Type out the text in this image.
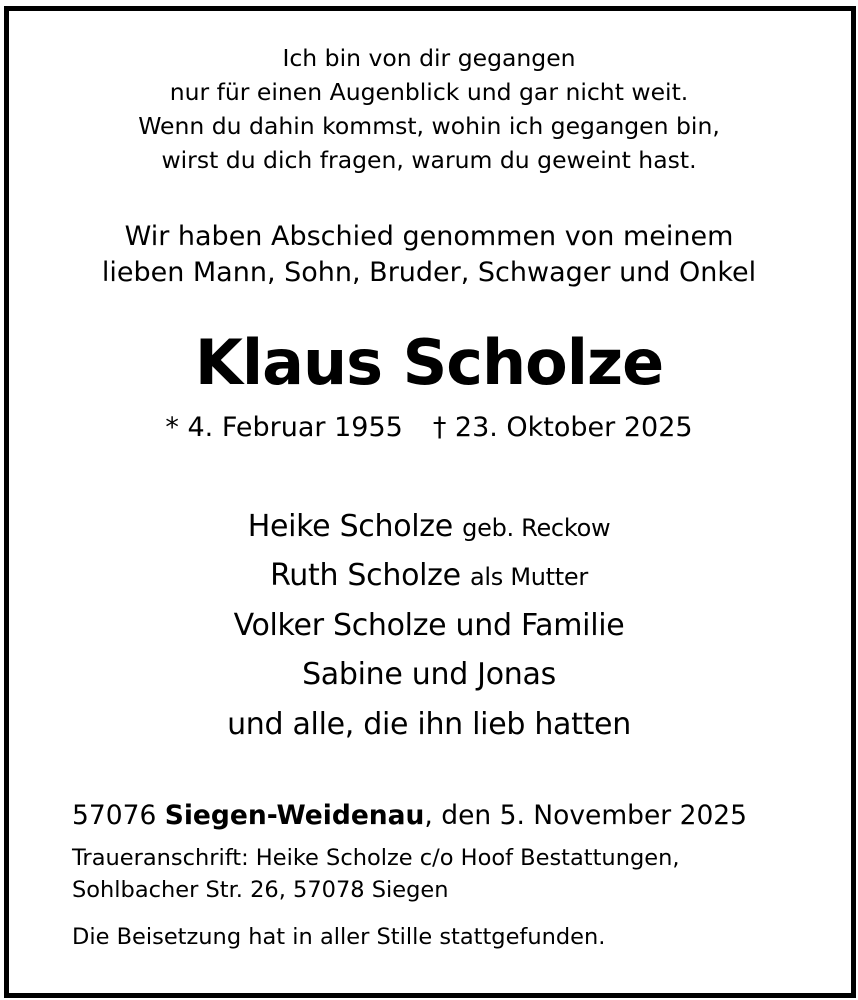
Ich bin von dir gegangen
nur für einen Augenblick und gar nicht weit.
Wenn du dahin kommst, wohin ich gegangen bin,
wirst du dich fragen, warum du geweint hast.
Wir haben Abschied genommen von meinem
lieben Mann, Sohn, Bruder, Schwager und Onkel
Klaus Scholze
* 4. Februar 1955 † 23. Oktober 2025
Heike Scholze geb. Reckow
Ruth Scholze als Mutter
Volker Scholze und Familie
Sabine und Jonas
und alle, die ihn lieb hatten
57076 Siegen-Weidenau, den 5. November 2025
Traueranschrift: Heike Scholze c/o Hoof Bestattungen,
Sohlbacher Str. 26, 57078 Siegen
Die Beisetzung hat in aller Stille stattgefunden.
